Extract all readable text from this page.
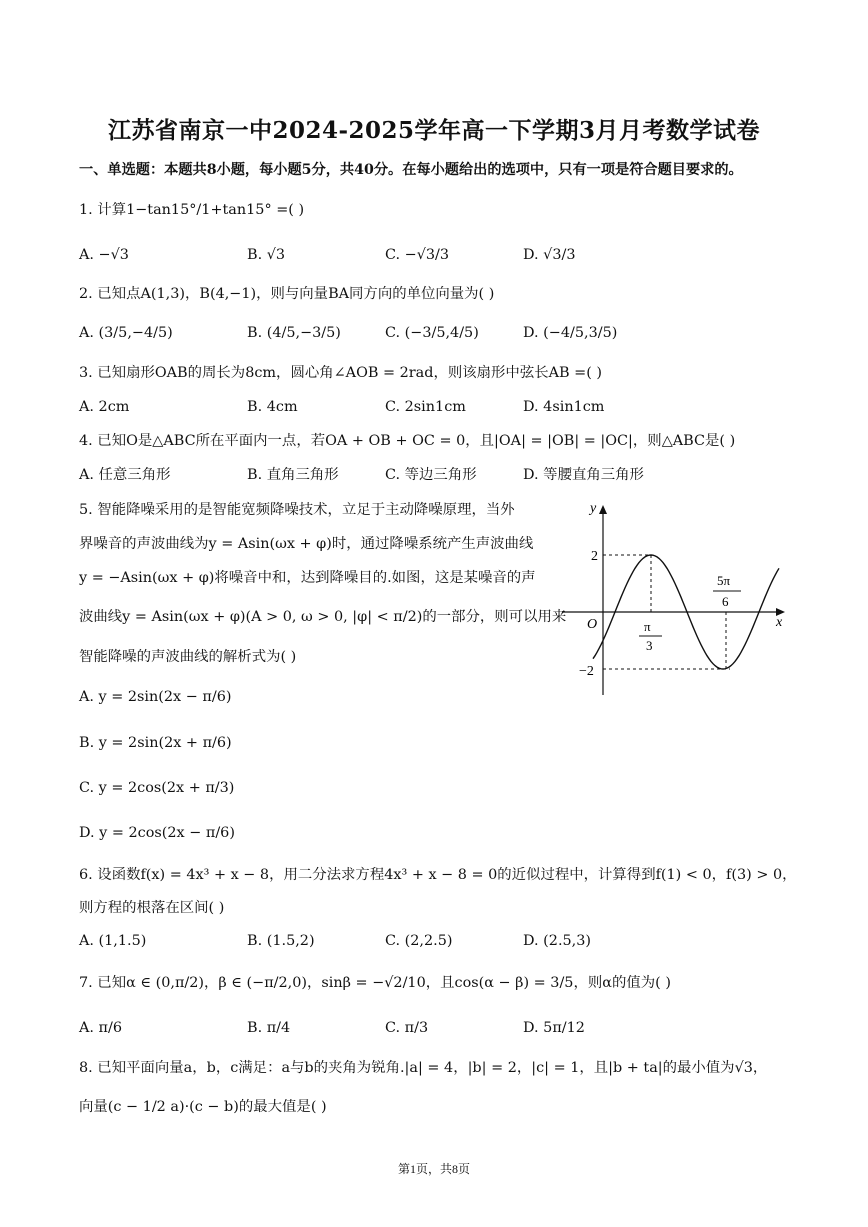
江苏省南京一中2024-2025学年高一下学期3月月考数学试卷
一、单选题：本题共8小题，每小题5分，共40分。在每小题给出的选项中，只有一项是符合题目要求的。
1. 计算1−tan15°/1+tan15° =( )
A. −√3	B. √3	C. −√3/3	D. √3/3
2. 已知点A(1,3)，B(4,−1)，则与向量BA同方向的单位向量为( )
A. (3/5,−4/5)	B. (4/5,−3/5)	C. (−3/5,4/5)	D. (−4/5,3/5)
3. 已知扇形OAB的周长为8cm，圆心角∠AOB = 2rad，则该扇形中弦长AB =( )
A. 2cm	B. 4cm	C. 2sin1cm	D. 4sin1cm
4. 已知O是△ABC所在平面内一点，若OA + OB + OC = 0，且|OA| = |OB| = |OC|，则△ABC是( )
A. 任意三角形	B. 直角三角形	C. 等边三角形	D. 等腰直角三角形
5. 智能降噪采用的是智能宽频降噪技术，立足于主动降噪原理，当外
界噪音的声波曲线为y = Asin(ωx + φ)时，通过降噪系统产生声波曲线
y = −Asin(ωx + φ)将噪音中和，达到降噪目的.如图，这是某噪音的声
波曲线y = Asin(ωx + φ)(A > 0, ω > 0, |φ| < π/2)的一部分，则可以用来
智能降噪的声波曲线的解析式为( )
A. y = 2sin(2x − π/6)
B. y = 2sin(2x + π/6)
C. y = 2cos(2x + π/3)
D. y = 2cos(2x − π/6)
y
x
O
2
−2
π
3
5π
6
6. 设函数f(x) = 4x³ + x − 8，用二分法求方程4x³ + x − 8 = 0的近似过程中，计算得到f(1) < 0，f(3) > 0，
则方程的根落在区间( )
A. (1,1.5)	B. (1.5,2)	C. (2,2.5)	D. (2.5,3)
7. 已知α ∈ (0,π/2)，β ∈ (−π/2,0)，sinβ = −√2/10，且cos(α − β) = 3/5，则α的值为( )
A. π/6	B. π/4	C. π/3	D. 5π/12
8. 已知平面向量a，b，c满足：a与b的夹角为锐角.|a| = 4，|b| = 2，|c| = 1，且|b + ta|的最小值为√3，
向量(c − 1/2 a)·(c − b)的最大值是( )
第1页，共8页
